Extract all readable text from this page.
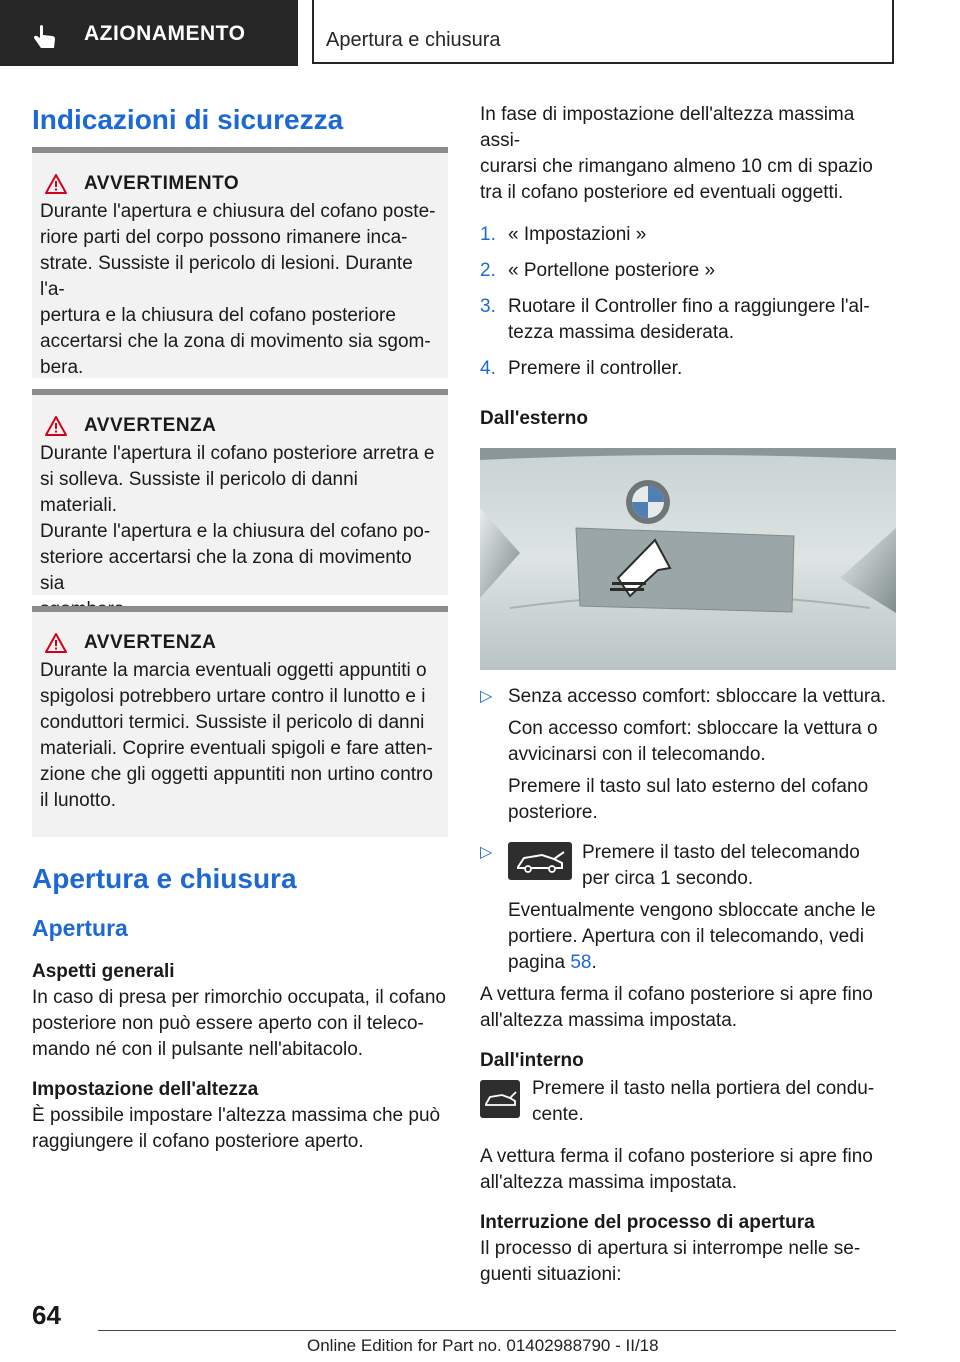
AZIONAMENTO	Apertura e chiusura
Indicazioni di sicurezza
AVVERTIMENTO

Durante l'apertura e chiusura del cofano poste-
riore parti del corpo possono rimanere inca-
strate. Sussiste il pericolo di lesioni. Durante l'a-
pertura e la chiusura del cofano posteriore
accertarsi che la zona di movimento sia sgom-
bera.

AVVERTENZA

Durante l'apertura il cofano posteriore arretra e
si solleva. Sussiste il pericolo di danni materiali.
Durante l'apertura e la chiusura del cofano po-
steriore accertarsi che la zona di movimento sia

AVVERTENZA

Durante la marcia eventuali oggetti appuntiti o
spigolosi potrebbero urtare contro il lunotto e i
conduttori termici. Sussiste il pericolo di danni
materiali. Coprire eventuali spigoli e fare atten-
zione che gli oggetti appuntiti non urtino contro
il lunotto.

Apertura e chiusura
Apertura

Aspetti generali

In caso di presa per rimorchio occupata, il cofano
posteriore non può essere aperto con il teleco-
mando né con il pulsante nell'abitacolo.

Impostazione dell'altezza

È possibile impostare l'altezza massima che può
raggiungere il cofano posteriore aperto.

In fase di impostazione dell'altezza massima assi-
curarsi che rimangano almeno 10 cm di spazio
tra il cofano posteriore ed eventuali oggetti.

1. « Impostazioni »
2. « Portellone posteriore »
3. Ruotare il Controller fino a raggiungere l'al-
tezza massima desiderata.
4. Premere il controller.

Dall'esterno

▷ Senza accesso comfort: sbloccare la vettura.
Con accesso comfort: sbloccare la vettura o
avvicinarsi con il telecomando.
Premere il tasto sul lato esterno del cofano
posteriore.
▷	Premere il tasto del telecomando
per circa 1 secondo.
Eventualmente vengono sbloccate anche le
portiere. Apertura con il telecomando, vedi
pagina 58.

A vettura ferma il cofano posteriore si apre fino
all'altezza massima impostata.

Dall'interno

Premere il tasto nella portiera del condu-
cente.

A vettura ferma il cofano posteriore si apre fino
all'altezza massima impostata.

Interruzione del processo di apertura

Il processo di apertura si interrompe nelle se-
guenti situazioni:

64
Online Edition for Part no. 01402988790 - II/18
